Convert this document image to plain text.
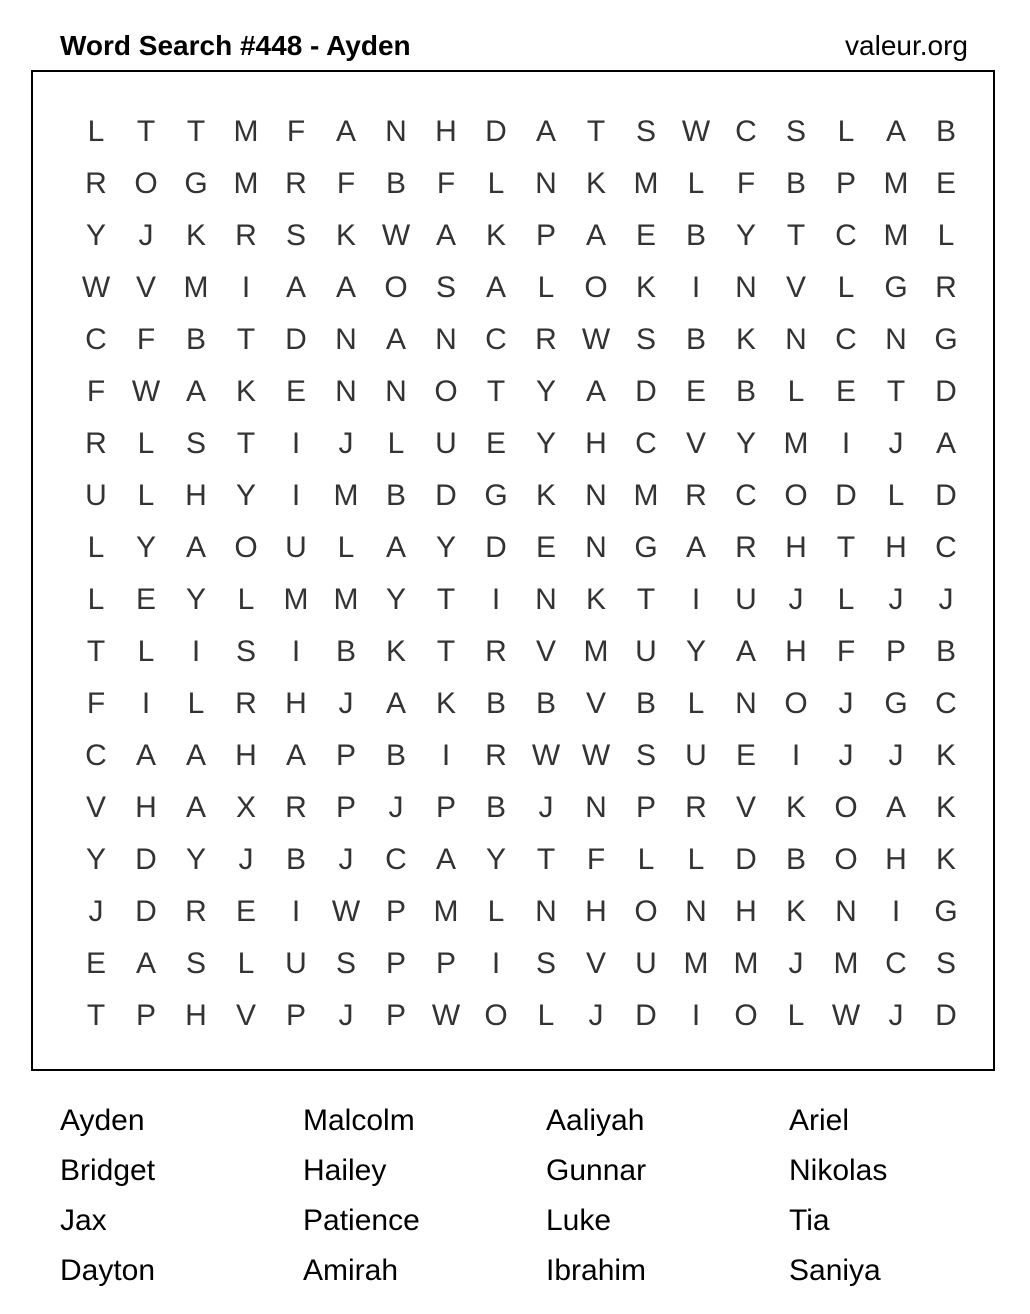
Word Search #448 - Ayden	valeur.org
L	T	T M F	A N H D A	T	S W C S	L	A B
R O G M R	F	B	F	L	N K M L	F	B P M E
Y	J	K R S K W A K P A E B Y	T	C M L
W V M	I	A A O S A	L O K	I	N V	L G R
C	F	B	T	D N A N C R W S B K N C N G
F W A K E N N O T	Y A D E B	L	E	T	D
R	L	S	T	I	J	L	U E Y H C V Y M	I	J	A
U	L	H Y	I	M B D G K N M R C O D	L	D
L	Y A O U	L	A Y D E N G A R H	T	H C
L	E Y	L M M Y	T	I	N K	T	I	U	J	L	J	J
T	L	I	S	I	B K	T	R V M U Y A H	F	P B
F	I	L	R H	J	A K B B V B	L	N O	J	G C
C A A H A P B	I	R W W S U E	I	J	J	K
V H A X R P	J	P B	J	N P R V K O A K
Y D Y	J	B	J	C A Y	T	F	L	L	D B O H K
J	D R E	I	W P M L	N H O N H K N	I	G
E A S	L	U S P P	I	S V U M M	J	M C S
T	P H V P	J	P W O L	J	D	I	O L W J	D
Ayden	Malcolm	Aaliyah	Ariel
Bridget	Hailey	Gunnar	Nikolas
Jax	Patience	Luke	Tia
Dayton	Amirah	Ibrahim	Saniya
